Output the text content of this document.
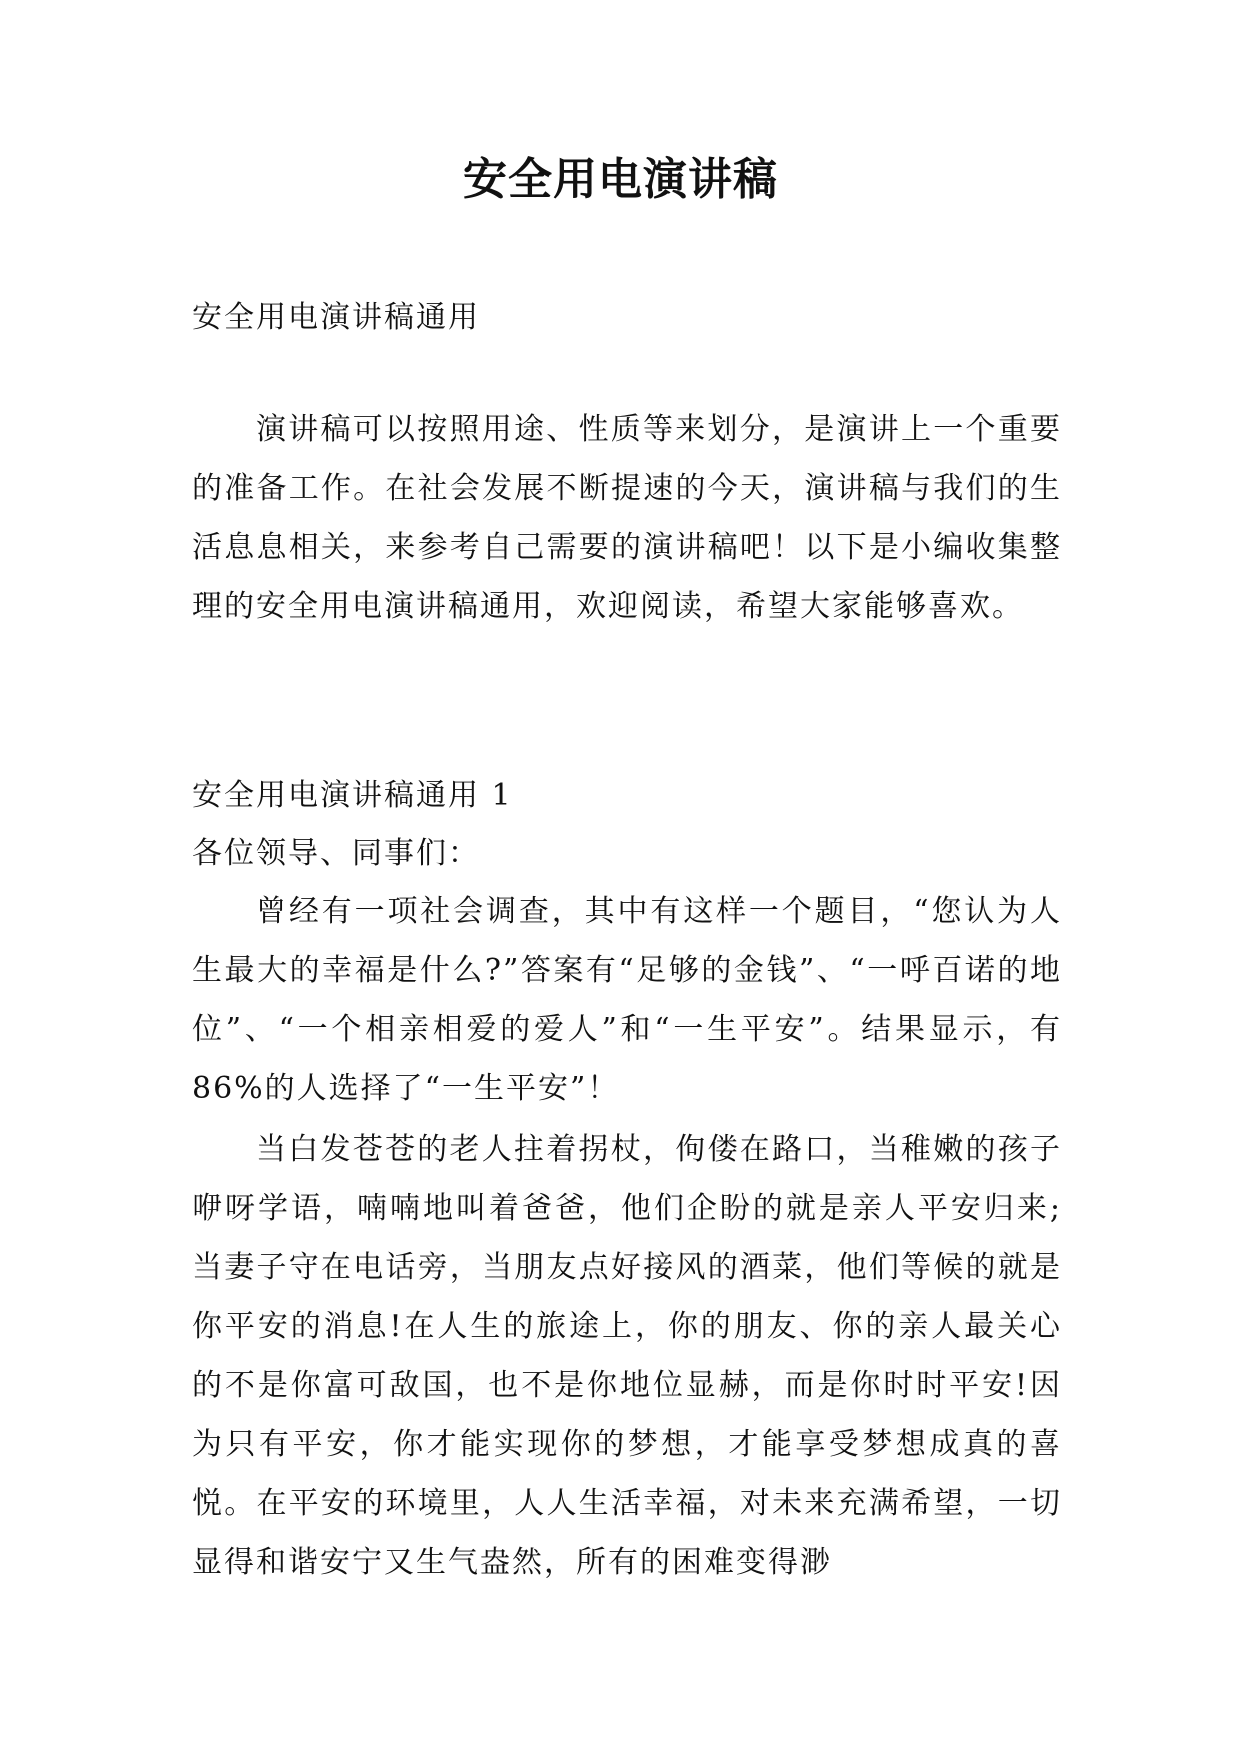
安全用电演讲稿

安全用电演讲稿通用

演讲稿可以按照用途、性质等来划分，是演讲上一个重要的准备工作。在社会发展不断提速的今天，演讲稿与我们的生活息息相关，来参考自己需要的演讲稿吧！以下是小编收集整理的安全用电演讲稿通用，欢迎阅读，希望大家能够喜欢。

安全用电演讲稿通用 1

各位领导、同事们：

曾经有一项社会调查，其中有这样一个题目，“您认为人生最大的幸福是什么?”答案有“足够的金钱”、“一呼百诺的地位”、“一个相亲相爱的爱人”和“一生平安”。结果显示，有 86%的人选择了“一生平安”！

当白发苍苍的老人拄着拐杖，佝偻在路口，当稚嫩的孩子咿呀学语，喃喃地叫着爸爸，他们企盼的就是亲人平安归来;当妻子守在电话旁，当朋友点好接风的酒菜，他们等候的就是你平安的消息!在人生的旅途上，你的朋友、你的亲人最关心的不是你富可敌国，也不是你地位显赫，而是你时时平安!因为只有平安，你才能实现你的梦想，才能享受梦想成真的喜悦。在平安的环境里，人人生活幸福，对未来充满希望，一切显得和谐安宁又生气盎然，所有的困难变得渺
